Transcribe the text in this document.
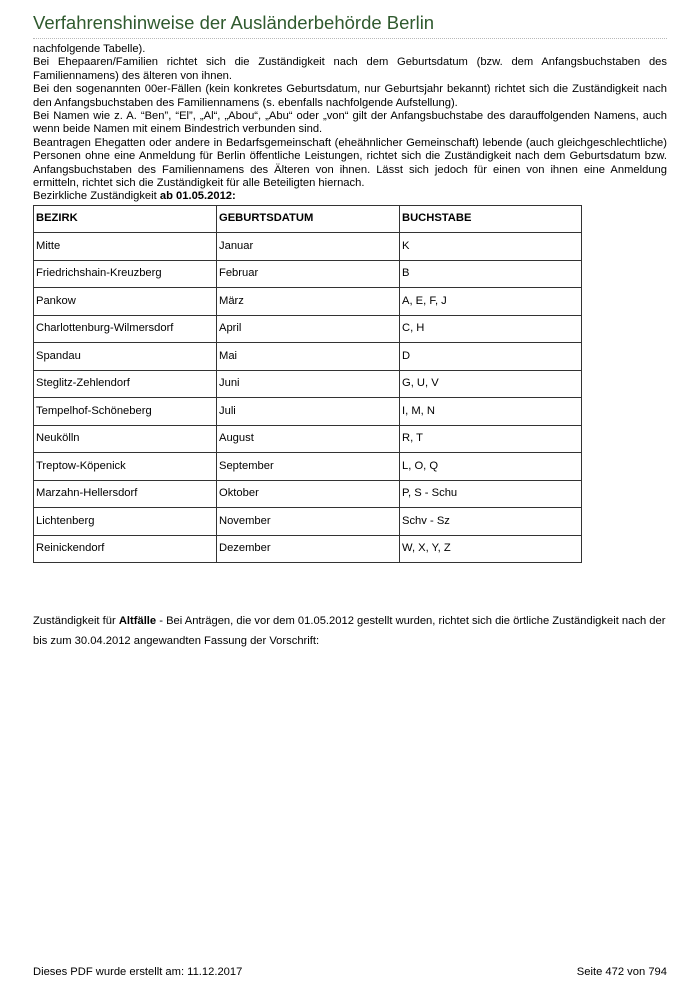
Verfahrenshinweise der Ausländerbehörde Berlin

nachfolgende Tabelle).

Bei Ehepaaren/Familien richtet sich die Zuständigkeit nach dem Geburtsdatum (bzw. dem Anfangsbuchstaben des Familiennamens) des älteren von ihnen.

Bei den sogenannten 00er-Fällen (kein konkretes Geburtsdatum, nur Geburtsjahr bekannt) richtet sich die Zuständigkeit nach den Anfangsbuchstaben des Familiennamens (s. ebenfalls nachfolgende Aufstellung).

Bei Namen wie z. A. “Ben”, “El”, „Al“, „Abou“, „Abu“ oder „von“ gilt der Anfangsbuchstabe des darauffolgenden Namens, auch wenn beide Namen mit einem Bindestrich verbunden sind.

Beantragen Ehegatten oder andere in Bedarfsgemeinschaft (eheähnlicher Gemeinschaft) lebende (auch gleichgeschlechtliche) Personen ohne eine Anmeldung für Berlin öffentliche Leistungen, richtet sich die Zuständigkeit nach dem Geburtsdatum bzw. Anfangsbuchstaben des Familiennamens des Älteren von ihnen. Lässt sich jedoch für einen von ihnen eine Anmeldung ermitteln, richtet sich die Zuständigkeit für alle Beteiligten hiernach.

Bezirkliche Zuständigkeit ab 01.05.2012:

BEZIRK	GEBURTSDATUM	BUCHSTABE
Mitte	Januar	K
Friedrichshain-Kreuzberg	Februar	B
Pankow	März	A, E, F, J
Charlottenburg-Wilmersdorf	April	C, H
Spandau	Mai	D
Steglitz-Zehlendorf	Juni	G, U, V
Tempelhof-Schöneberg	Juli	I, M, N
Neukölln	August	R, T
Treptow-Köpenick	September	L, O, Q
Marzahn-Hellersdorf	Oktober	P, S - Schu
Lichtenberg	November	Schv - Sz
Reinickendorf	Dezember	W, X, Y, Z

Zuständigkeit für Altfälle - Bei Anträgen, die vor dem 01.05.2012 gestellt wurden, richtet sich die örtliche Zuständigkeit nach der bis zum 30.04.2012 angewandten Fassung der Vorschrift:

Dieses PDF wurde erstellt am: 11.12.2017	Seite 472 von 794
